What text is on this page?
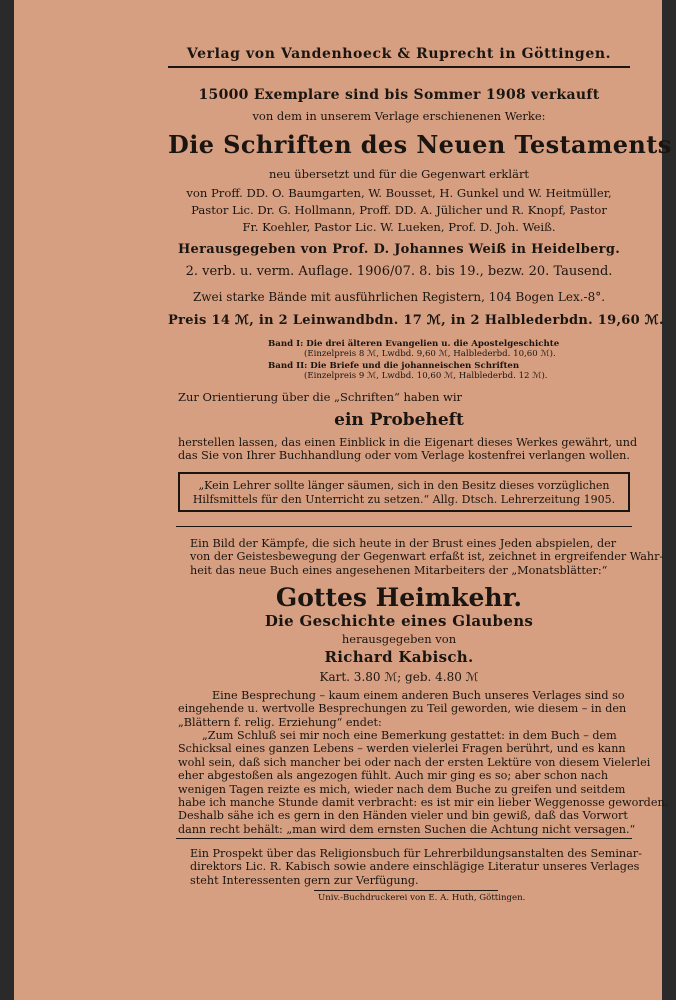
Verlag von Vandenhoeck & Ruprecht in Göttingen.
15000 Exemplare sind bis Sommer 1908 verkauft
von dem in unserem Verlage erschienenen Werke:
Die Schriften des Neuen Testaments
neu übersetzt und für die Gegenwart erklärt
von Proff. DD. O. Baumgarten, W. Bousset, H. Gunkel und W. Heitmüller,
Pastor Lic. Dr. G. Hollmann, Proff. DD. A. Jülicher und R. Knopf, Pastor
Fr. Koehler, Pastor Lic. W. Lueken, Prof. D. Joh. Weiß.
Herausgegeben von Prof. D. Johannes Weiß in Heidelberg.
2. verb. u. verm. Auflage. 1906/07. 8. bis 19., bezw. 20. Tausend.
Zwei starke Bände mit ausführlichen Registern, 104 Bogen Lex.-8°.
Preis 14 ℳ, in 2 Leinwandbdn. 17 ℳ, in 2 Halblederbdn. 19,60 ℳ.
Band I: Die drei älteren Evangelien u. die Apostelgeschichte
(Einzelpreis 8 ℳ, Lwdbd. 9,60 ℳ, Halblederbd. 10,60 ℳ).
Band II: Die Briefe und die johanneischen Schriften
(Einzelpreis 9 ℳ, Lwdbd. 10,60 ℳ, Halblederbd. 12 ℳ).
Zur Orientierung über die „Schriften“ haben wir
ein Probeheft
herstellen lassen, das einen Einblick in die Eigenart dieses Werkes gewährt, und
das Sie von Ihrer Buchhandlung oder vom Verlage kostenfrei verlangen wollen.
„Kein Lehrer sollte länger säumen, sich in den Besitz dieses vorzüglichen
Hilfsmittels für den Unterricht zu setzen.“ Allg. Dtsch. Lehrerzeitung 1905.
Ein Bild der Kämpfe, die sich heute in der Brust eines Jeden abspielen, der
von der Geistesbewegung der Gegenwart erfaßt ist, zeichnet in ergreifender Wahr-
heit das neue Buch eines angesehenen Mitarbeiters der „Monatsblätter:“
Gottes Heimkehr.
Die Geschichte eines Glaubens
herausgegeben von
Richard Kabisch.
Kart. 3.80 ℳ; geb. 4.80 ℳ
Eine Besprechung – kaum einem anderen Buch unseres Verlages sind so
eingehende u. wertvolle Besprechungen zu Teil geworden, wie diesem – in den
„Blättern f. relig. Erziehung“ endet:
„Zum Schluß sei mir noch eine Bemerkung gestattet: in dem Buch – dem
Schicksal eines ganzen Lebens – werden vielerlei Fragen berührt, und es kann
wohl sein, daß sich mancher bei oder nach der ersten Lektüre von diesem Vielerlei
eher abgestoßen als angezogen fühlt. Auch mir ging es so; aber schon nach
wenigen Tagen reizte es mich, wieder nach dem Buche zu greifen und seitdem
habe ich manche Stunde damit verbracht: es ist mir ein lieber Weggenosse geworden.
Deshalb sähe ich es gern in den Händen vieler und bin gewiß, daß das Vorwort
dann recht behält: „man wird dem ernsten Suchen die Achtung nicht versagen.“
Ein Prospekt über das Religionsbuch für Lehrerbildungsanstalten des Seminar-
direktors Lic. R. Kabisch sowie andere einschlägige Literatur unseres Verlages
steht Interessenten gern zur Verfügung.
Univ.-Buchdruckerei von E. A. Huth, Göttingen.
